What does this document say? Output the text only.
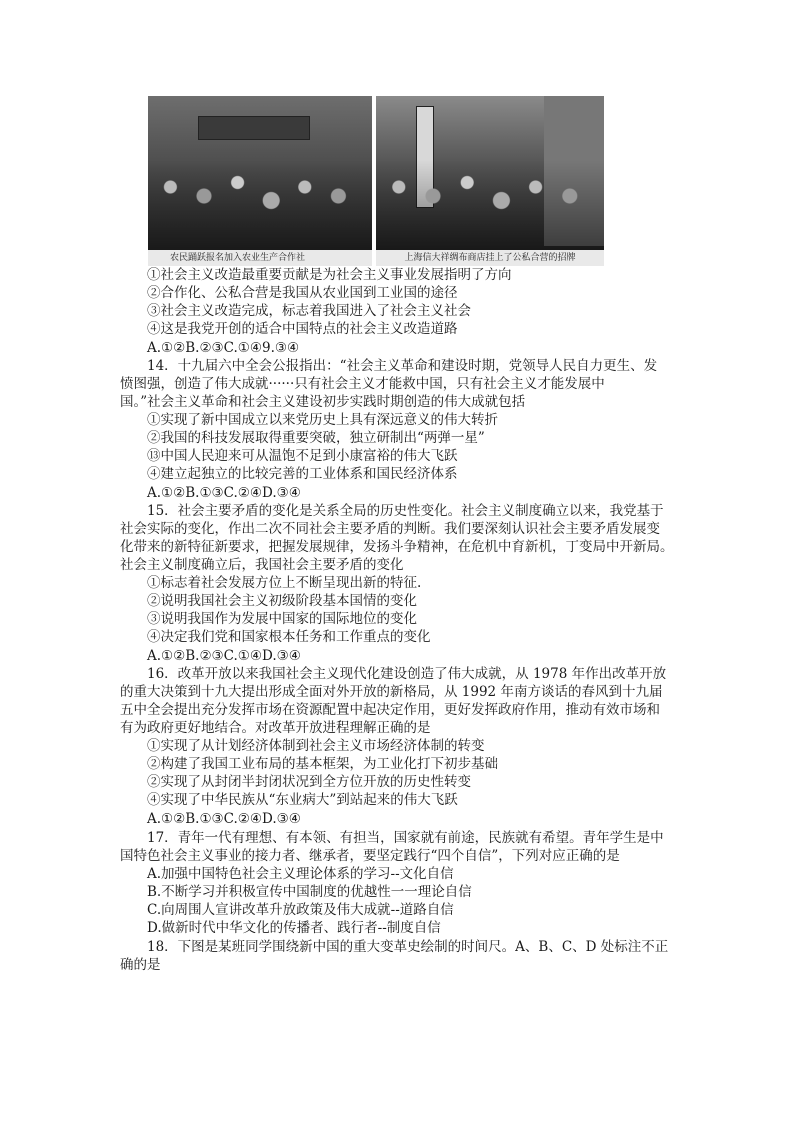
农民踊跃报名加入农业生产合作社	上海信大祥绸布商店挂上了公私合营的招牌
①社会主义改造最重要贡献是为社会主义事业发展指明了方向
②合作化、公私合营是我国从农业国到工业国的途径
③社会主义改造完成，标志着我国进入了社会主义社会
④这是我党开创的适合中国特点的社会主义改造道路
A.①②B.②③C.①④9.③④
14．十九届六中全会公报指出：“社会主义革命和建设时期，党领导人民自力更生、发
愤图强，创造了伟大成就······只有社会主义才能救中国，只有社会主义才能发展中
国。”社会主义革命和社会主义建设初步实践时期创造的伟大成就包括
①实现了新中国成立以来党历史上具有深远意义的伟大转折
②我国的科技发展取得重要突破，独立研制出“两弹一星”
⑬中国人民迎来可从温饱不足到小康富裕的伟大飞跃
④建立起独立的比较完善的工业体系和国民经济体系
A.①②B.①③C.②④D.③④
15．社会主要矛盾的变化是关系全局的历史性变化。社会主义制度确立以来，我党基于
社会实际的变化，作出二次不同社会主要矛盾的判断。我们要深刻认识社会主要矛盾发展变
化带来的新特征新要求，把握发展规律，发扬斗争精神，在危机中育新机，丁变局中开新局。
社会主义制度确立后，我国社会主要矛盾的变化
①标志着社会发展方位上不断呈现出新的特征.
②说明我国社会主义初级阶段基本国情的变化
③说明我国作为发展中国家的国际地位的变化
④决定我们党和国家根本任务和工作重点的变化
A.①②B.②③C.①④D.③④
16．改革开放以来我国社会主义现代化建设创造了伟大成就，从 1978 年作出改革开放
的重大决策到十九大提出形成全面对外开放的新格局，从 1992 年南方谈话的春风到十九届
五中全会提出充分发挥市场在资源配置中起决定作用，更好发挥政府作用，推动有效市场和
有为政府更好地结合。对改革开放进程理解正确的是
①实现了从计划经济体制到社会主义市场经济体制的转变
②构建了我国工业布局的基本框架，为工业化打下初步基础
②实现了从封闭半封闭状况到全方位开放的历史性转变
④实现了中华民族从“东业病大”到站起来的伟大飞跃
A.①②B.①③C.②④D.③④
17．青年一代有理想、有本领、有担当，国家就有前途，民族就有希望。青年学生是中
国特色社会主义事业的接力者、继承者，要坚定践行“四个自信”，下列对应正确的是
A.加强中国特色社会主义理论体系的学习--文化自信
B.不断学习并积极宣传中国制度的优越性一一理论自信
C.向周围人宣讲改革升放政策及伟大成就--道路自信
D.做新时代中华文化的传播者、践行者--制度自信
18．下图是某班同学围绕新中国的重大变革史绘制的时间尺。A、B、C、D 处标注不正
确的是
